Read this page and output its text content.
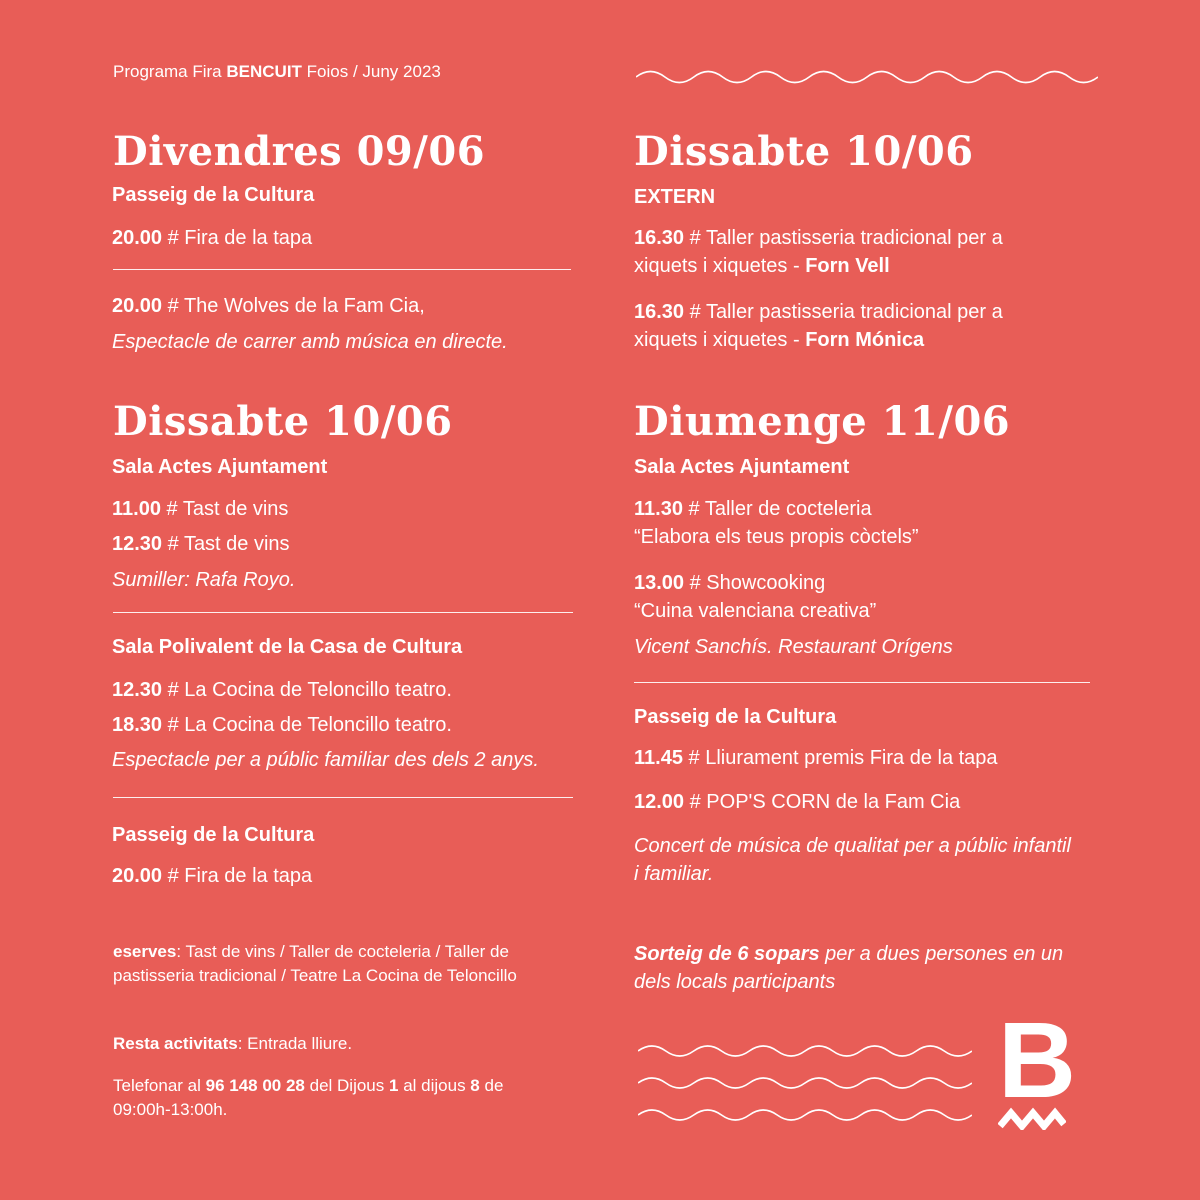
Programa Fira BENCUIT Foios / Juny 2023
Divendres 09/06
Passeig de la Cultura
20.00 # Fira de la tapa
20.00 # The Wolves de la Fam Cia,
Espectacle de carrer amb música en directe.
Dissabte 10/06
Sala Actes Ajuntament
11.00 # Tast de vins
12.30 # Tast de vins
Sumiller: Rafa Royo.
Sala Polivalent de la Casa de Cultura
12.30 # La Cocina de Teloncillo teatro.
18.30 # La Cocina de Teloncillo teatro.
Espectacle per a públic familiar des dels 2 anys.
Passeig de la Cultura
20.00 # Fira de la tapa
eserves: Tast de vins / Taller de cocteleria / Taller de pastisseria tradicional / Teatre La Cocina de Teloncillo
Resta activitats: Entrada lliure.
Telefonar al 96 148 00 28 del Dijous 1 al dijous 8 de 09:00h-13:00h.
Dissabte 10/06
EXTERN
16.30 # Taller pastisseria tradicional per a xiquets i xiquetes - Forn Vell
16.30 # Taller pastisseria tradicional per a xiquets i xiquetes - Forn Mónica
Diumenge 11/06
Sala Actes Ajuntament
11.30 # Taller de cocteleria
“Elabora els teus propis còctels”
13.00 # Showcooking
“Cuina valenciana creativa”
Vicent Sanchís. Restaurant Orígens
Passeig de la Cultura
11.45 # Lliurament premis Fira de la tapa
12.00 # POP'S CORN de la Fam Cia
Concert de música de qualitat per a públic infantil i familiar.
Sorteig de 6 sopars per a dues persones en un dels locals participants
B
